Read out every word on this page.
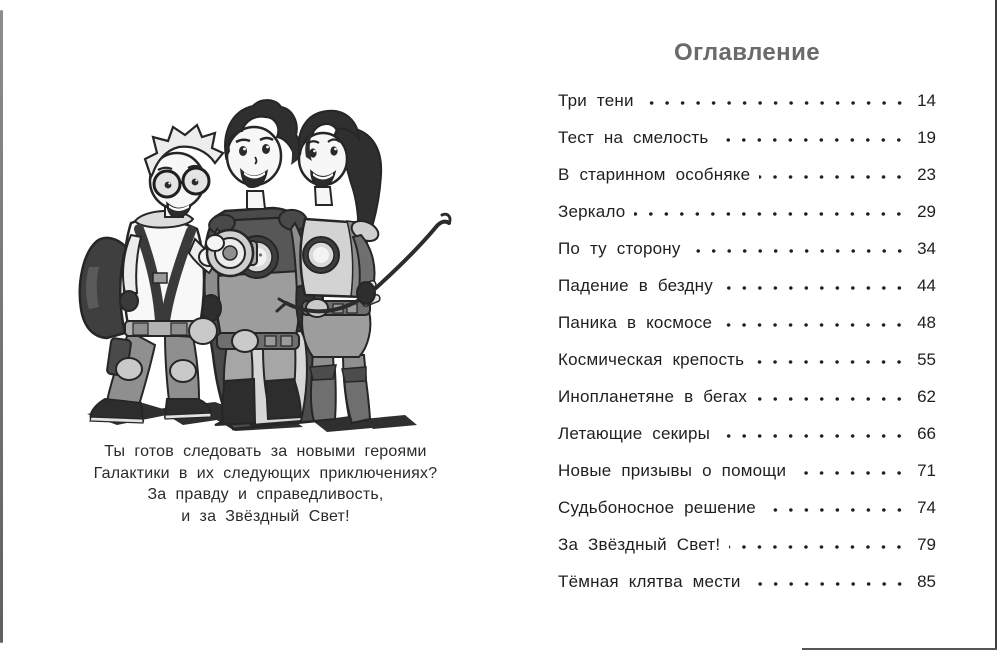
Ты готов следовать за новыми героями
Галактики в их следующих приключениях?
За правду и справедливость,
и за Звёздный Свет!
Оглавление
Три тени	14
Тест на смелость	19
В старинном особняке	23
Зеркало	29
По ту сторону	34
Падение в бездну	44
Паника в космосе	48
Космическая крепость	55
Инопланетяне в бегах	62
Летающие секиры	66
Новые призывы о помощи	71
Судьбоносное решение	74
За Звёздный Свет!	79
Тёмная клятва мести	85
